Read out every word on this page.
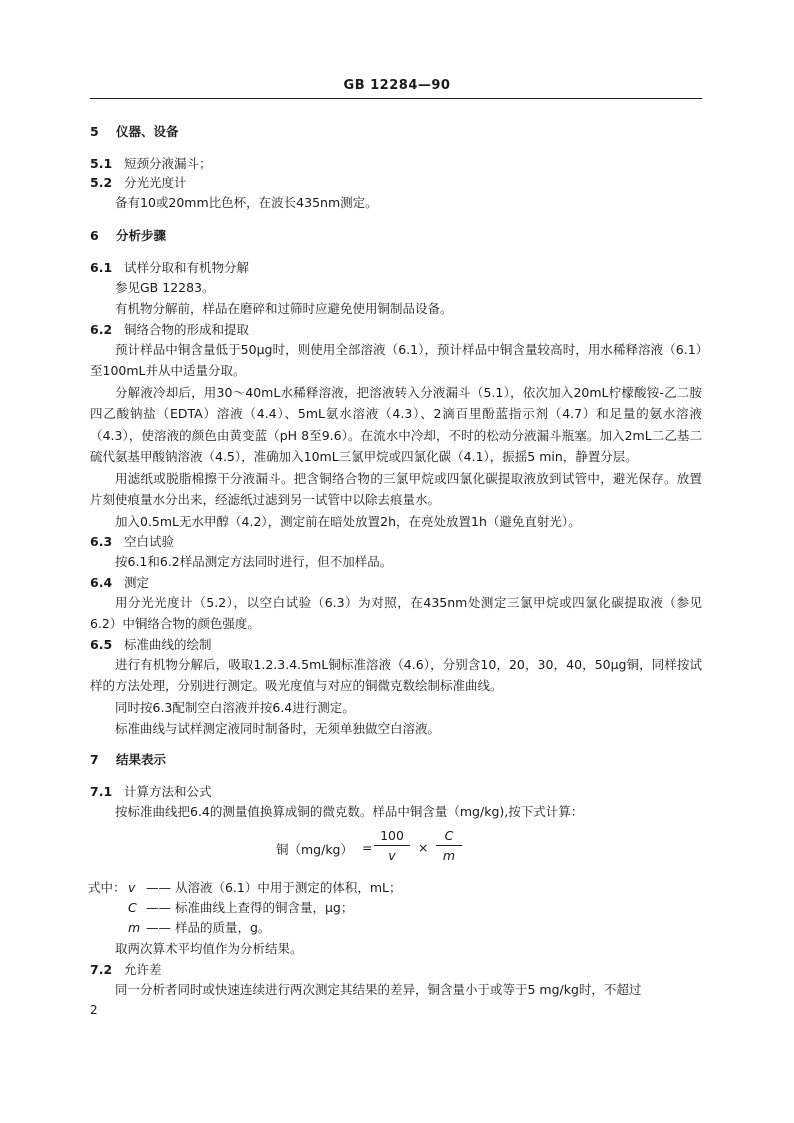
GB 12284—90
5 仪器、设备
5.1 短颈分液漏斗；
5.2 分光光度计

备有10或20mm比色杯，在波长435nm测定。

6 分析步骤
6.1 试样分取和有机物分解

参见GB 12283。

有机物分解前，样品在磨碎和过筛时应避免使用铜制品设备。

6.2 铜络合物的形成和提取

预计样品中铜含量低于50μg时，则使用全部溶液（6.1），预计样品中铜含量较高时，用水稀释溶液（6.1）至100mL并从中适量分取。

分解液冷却后，用30～40mL水稀释溶液，把溶液转入分液漏斗（5.1），依次加入20mL柠檬酸铵-乙二胺四乙酸钠盐（EDTA）溶液（4.4）、5mL氨水溶液（4.3）、2滴百里酚蓝指示剂（4.7）和足量的氨水溶液（4.3），使溶液的颜色由黄变蓝（pH 8至9.6）。在流水中冷却，不时的松动分液漏斗瓶塞。加入2mL二乙基二硫代氨基甲酸钠溶液（4.5），准确加入10mL三氯甲烷或四氯化碳（4.1），振摇5 min，静置分层。

用滤纸或脱脂棉擦干分液漏斗。把含铜络合物的三氯甲烷或四氯化碳提取液放到试管中，避光保存。放置片刻使痕量水分出来，经滤纸过滤到另一试管中以除去痕量水。

加入0.5mL无水甲醇（4.2），测定前在暗处放置2h，在亮处放置1h（避免直射光）。

6.3 空白试验

按6.1和6.2样品测定方法同时进行，但不加样品。

6.4 测定

用分光光度计（5.2），以空白试验（6.3）为对照，在435nm处测定三氯甲烷或四氯化碳提取液（参见6.2）中铜络合物的颜色强度。

6.5 标准曲线的绘制

进行有机物分解后，吸取1.2.3.4.5mL铜标准溶液（4.6），分别含10，20，30，40，50μg铜，同样按试样的方法处理，分别进行测定。吸光度值与对应的铜微克数绘制标准曲线。

同时按6.3配制空白溶液并按6.4进行测定。

标准曲线与试样测定液同时制备时，无须单独做空白溶液。

7 结果表示
7.1 计算方法和公式

按标准曲线把6.4的测量值换算成铜的微克数。样品中铜含量（mg/kg),按下式计算：

铜$(mg/kg) = \frac{100}{v} \times \frac{C}{m}$

式中： v —— 从溶液（6.1）中用于测定的体积，mL；

C —— 标准曲线上查得的铜含量，μg；

m —— 样品的质量，g。

取两次算术平均值作为分析结果。

7.2 允许差

同一分析者同时或快速连续进行两次测定其结果的差异，铜含量小于或等于5 mg/kg时，不超过

2
